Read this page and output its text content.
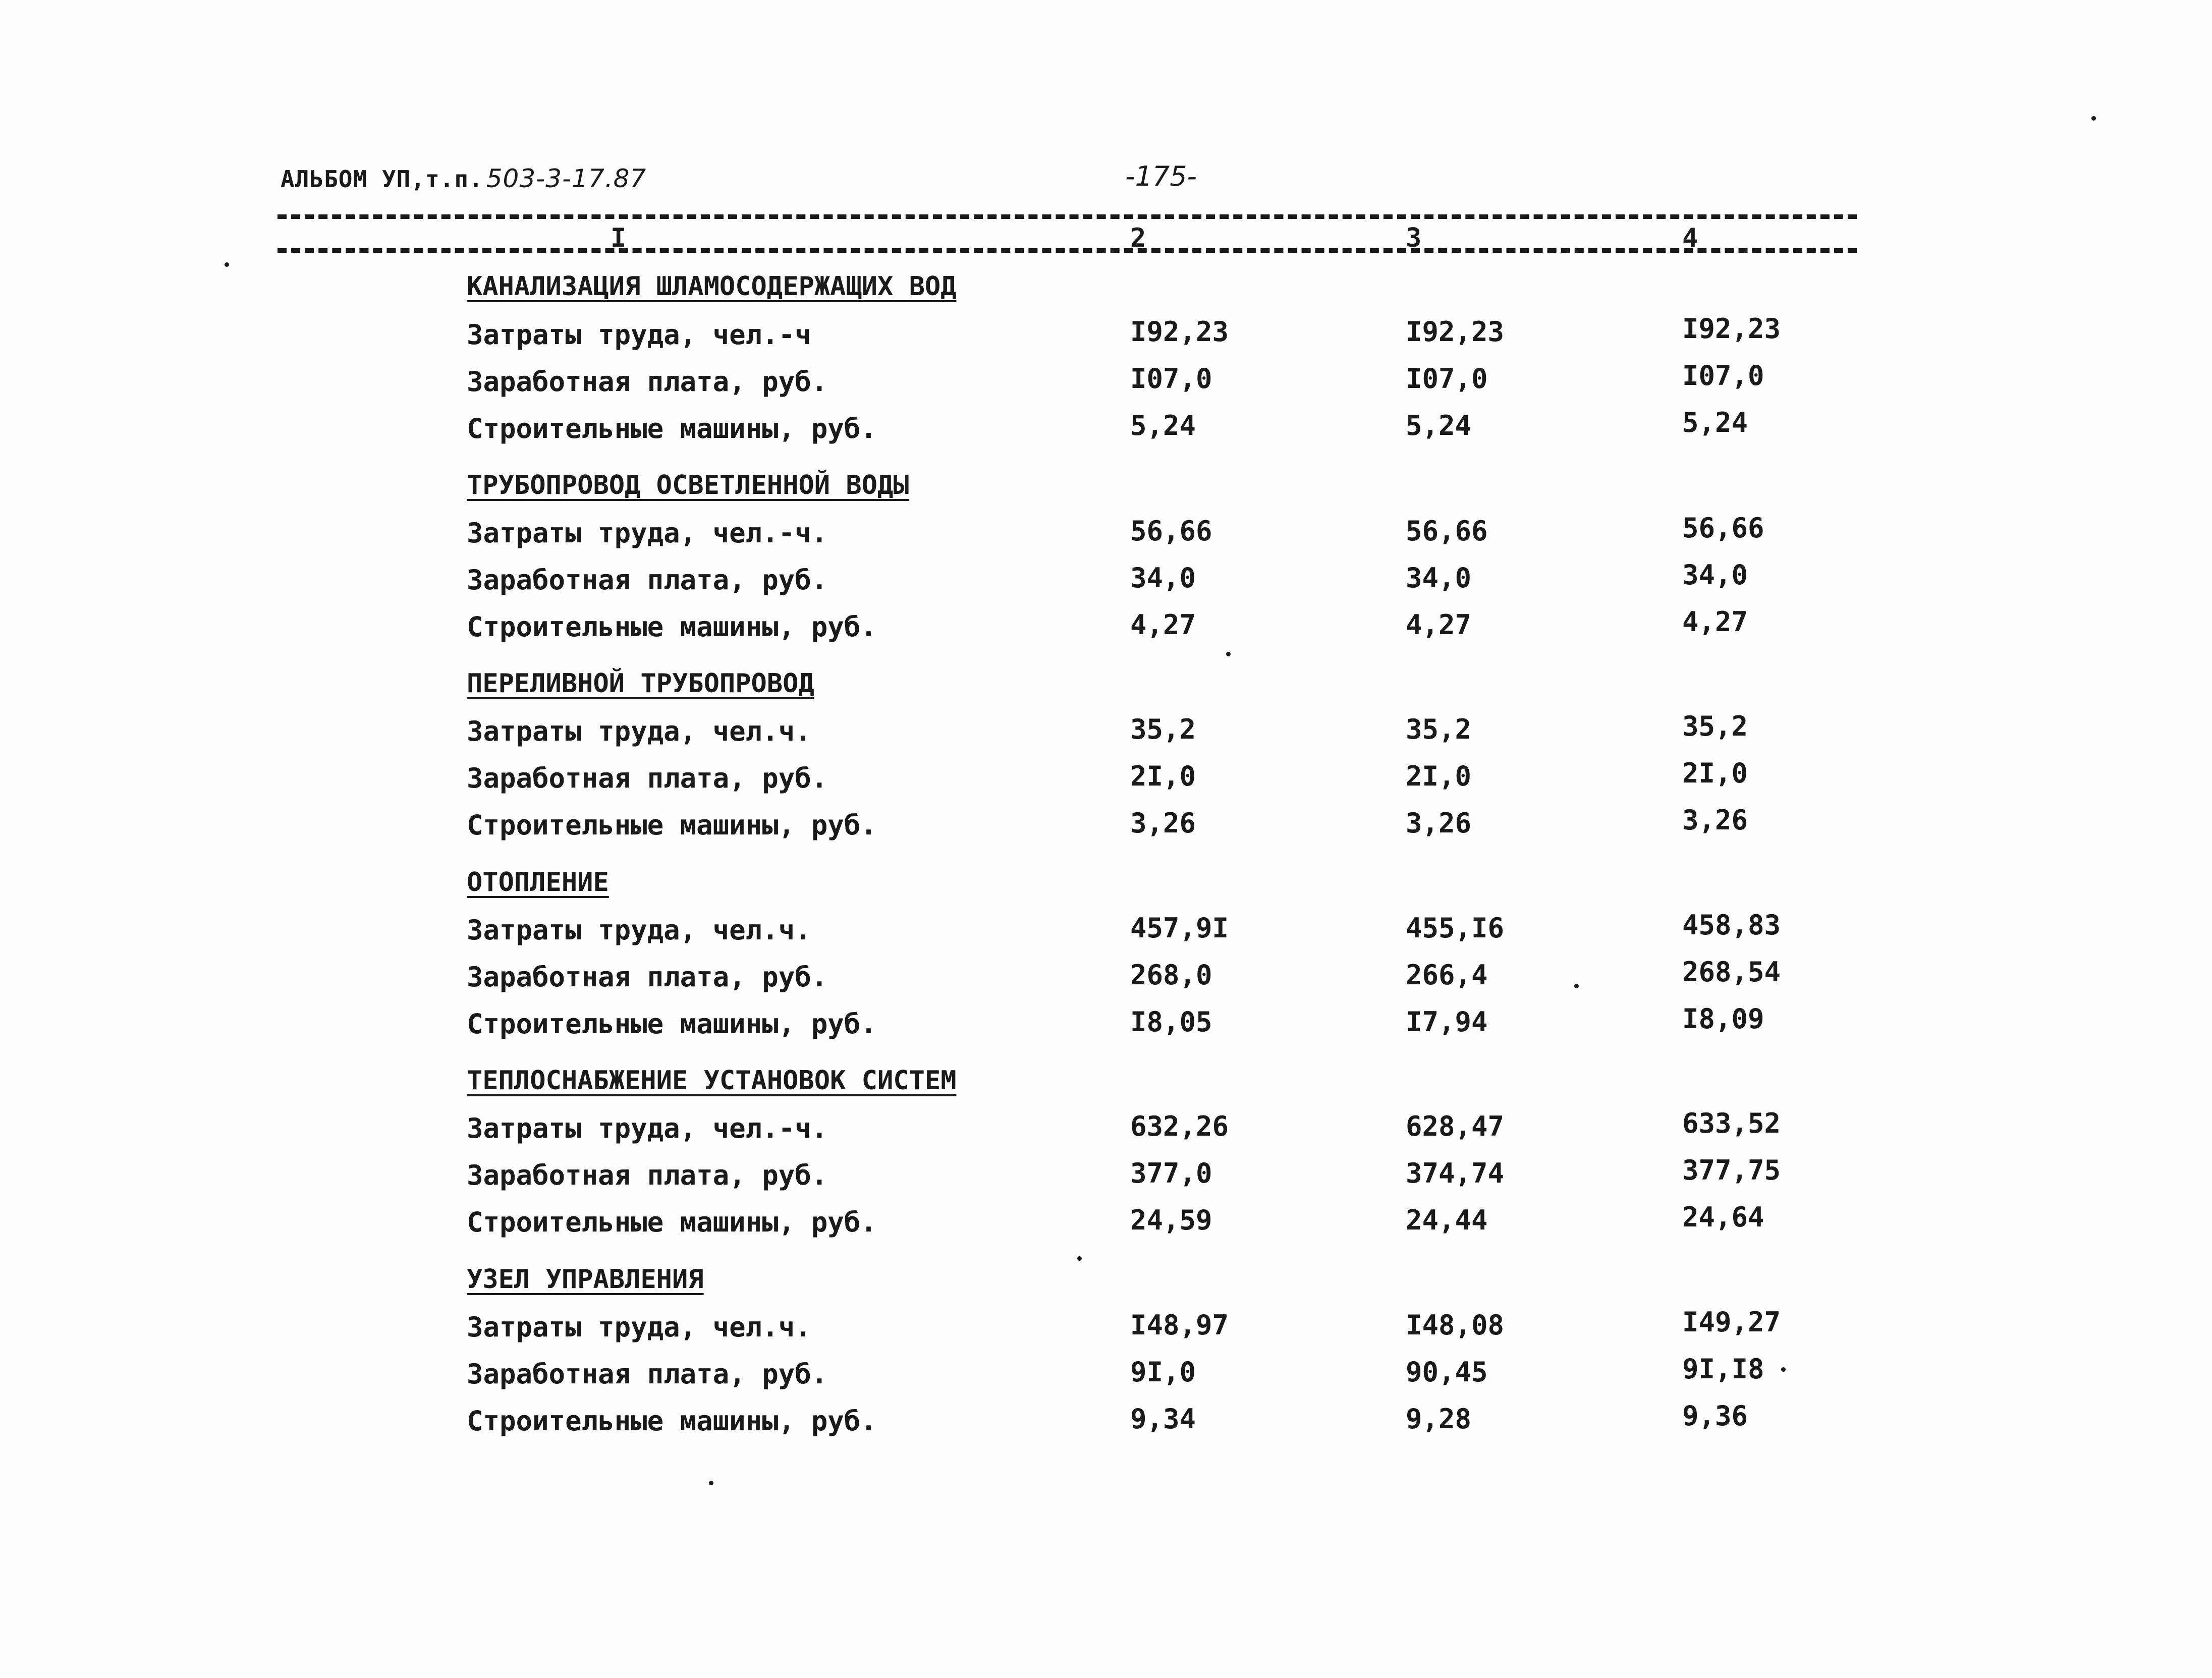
АЛЬБОМ УП,т.п. 503-3-17.87	-175-
I	2	3	4
КАНАЛИЗАЦИЯ ШЛАМОСОДЕРЖАЩИХ ВОД
Затраты труда, чел.-ч	I92,23	I92,23	I92,23
Заработная плата, руб.	I07,0	I07,0	I07,0
Строительные машины, руб.	5,24	5,24	5,24
ТРУБОПРОВОД ОСВЕТЛЕННОЙ ВОДЫ
Затраты труда, чел.-ч.	56,66	56,66	56,66
Заработная плата, руб.	34,0	34,0	34,0
Строительные машины, руб.	4,27	4,27	4,27
ПЕРЕЛИВНОЙ ТРУБОПРОВОД
Затраты труда, чел.ч.	35,2	35,2	35,2
Заработная плата, руб.	2I,0	2I,0	2I,0
Строительные машины, руб.	3,26	3,26	3,26
ОТОПЛЕНИЕ
Затраты труда, чел.ч.	457,9I	455,I6	458,83
Заработная плата, руб.	268,0	266,4	268,54
Строительные машины, руб.	I8,05	I7,94	I8,09
ТЕПЛОСНАБЖЕНИЕ УСТАНОВОК СИСТЕМ
Затраты труда, чел.-ч.	632,26	628,47	633,52
Заработная плата, руб.	377,0	374,74	377,75
Строительные машины, руб.	24,59	24,44	24,64
УЗЕЛ УПРАВЛЕНИЯ
Затраты труда, чел.ч.	I48,97	I48,08	I49,27
Заработная плата, руб.	9I,0	90,45	9I,I8
Строительные машины, руб.	9,34	9,28	9,36
